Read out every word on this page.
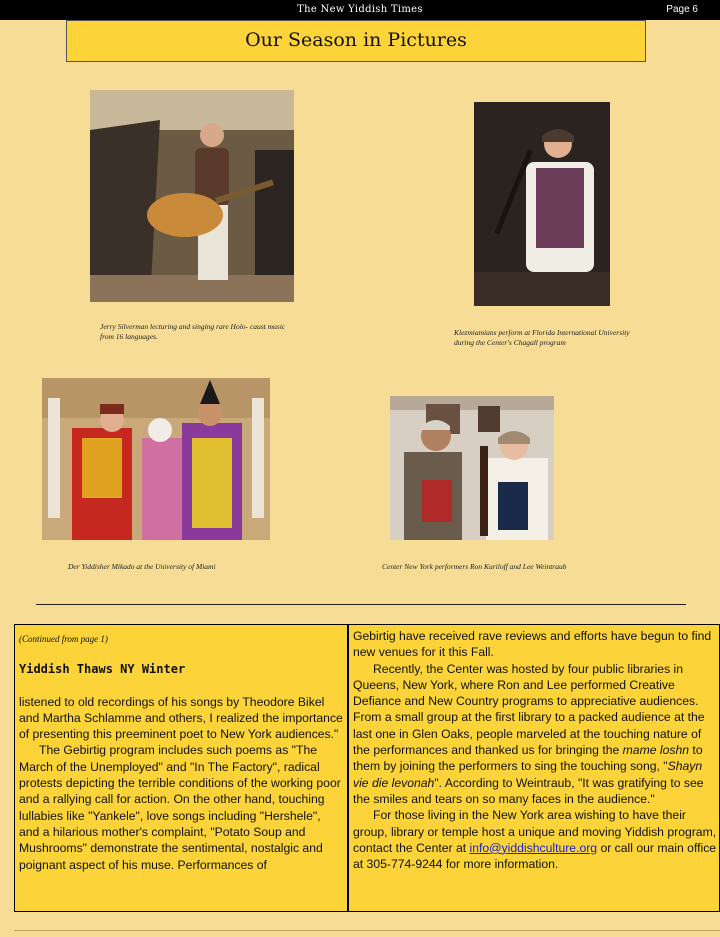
The New Yiddish Times	Page 6
Our Season in Pictures
Jerry Silverman lecturing and singing rare Holo- caust music from 16 languages.	Klezmiamians perform at Florida International University during the Center's Chagall program
Der Yiddisher Mikado at the University of Miami	Center New York performers Ron Kuriloff and Lee Weintraub
(Continued from page 1)
Yiddish Thaws NY Winter

listened to old recordings of his songs by Theodore Bikel and Martha Schlamme and others, I realized the importance of presenting this preeminent poet to New York audiences."

The Gebirtig program includes such poems as "The March of the Unemployed" and "In The Factory", radical protests depicting the terrible conditions of the working poor and a rallying call for action. On the other hand, touching lullabies like "Yankele", love songs including "Hershele", and a hilarious mother's complaint, "Potato Soup and Mushrooms" demonstrate the sentimental, nostalgic and poignant aspect of his muse. Performances of

Gebirtig have received rave reviews and efforts have begun to find new venues for it this Fall.

Recently, the Center was hosted by four public libraries in Queens, New York, where Ron and Lee performed Creative Defiance and New Country programs to appreciative audiences. From a small group at the first library to a packed audience at the last one in Glen Oaks, people marveled at the touching nature of the performances and thanked us for bringing the mame loshn to them by joining the performers to sing the touching song, "Shayn vie die levonah". According to Weintraub, "It was gratifying to see the smiles and tears on so many faces in the audience."

For those living in the New York area wishing to have their group, library or temple host a unique and moving Yiddish program, contact the Center at info@yiddishculture.org or call our main office at 305-774-9244 for more information.
